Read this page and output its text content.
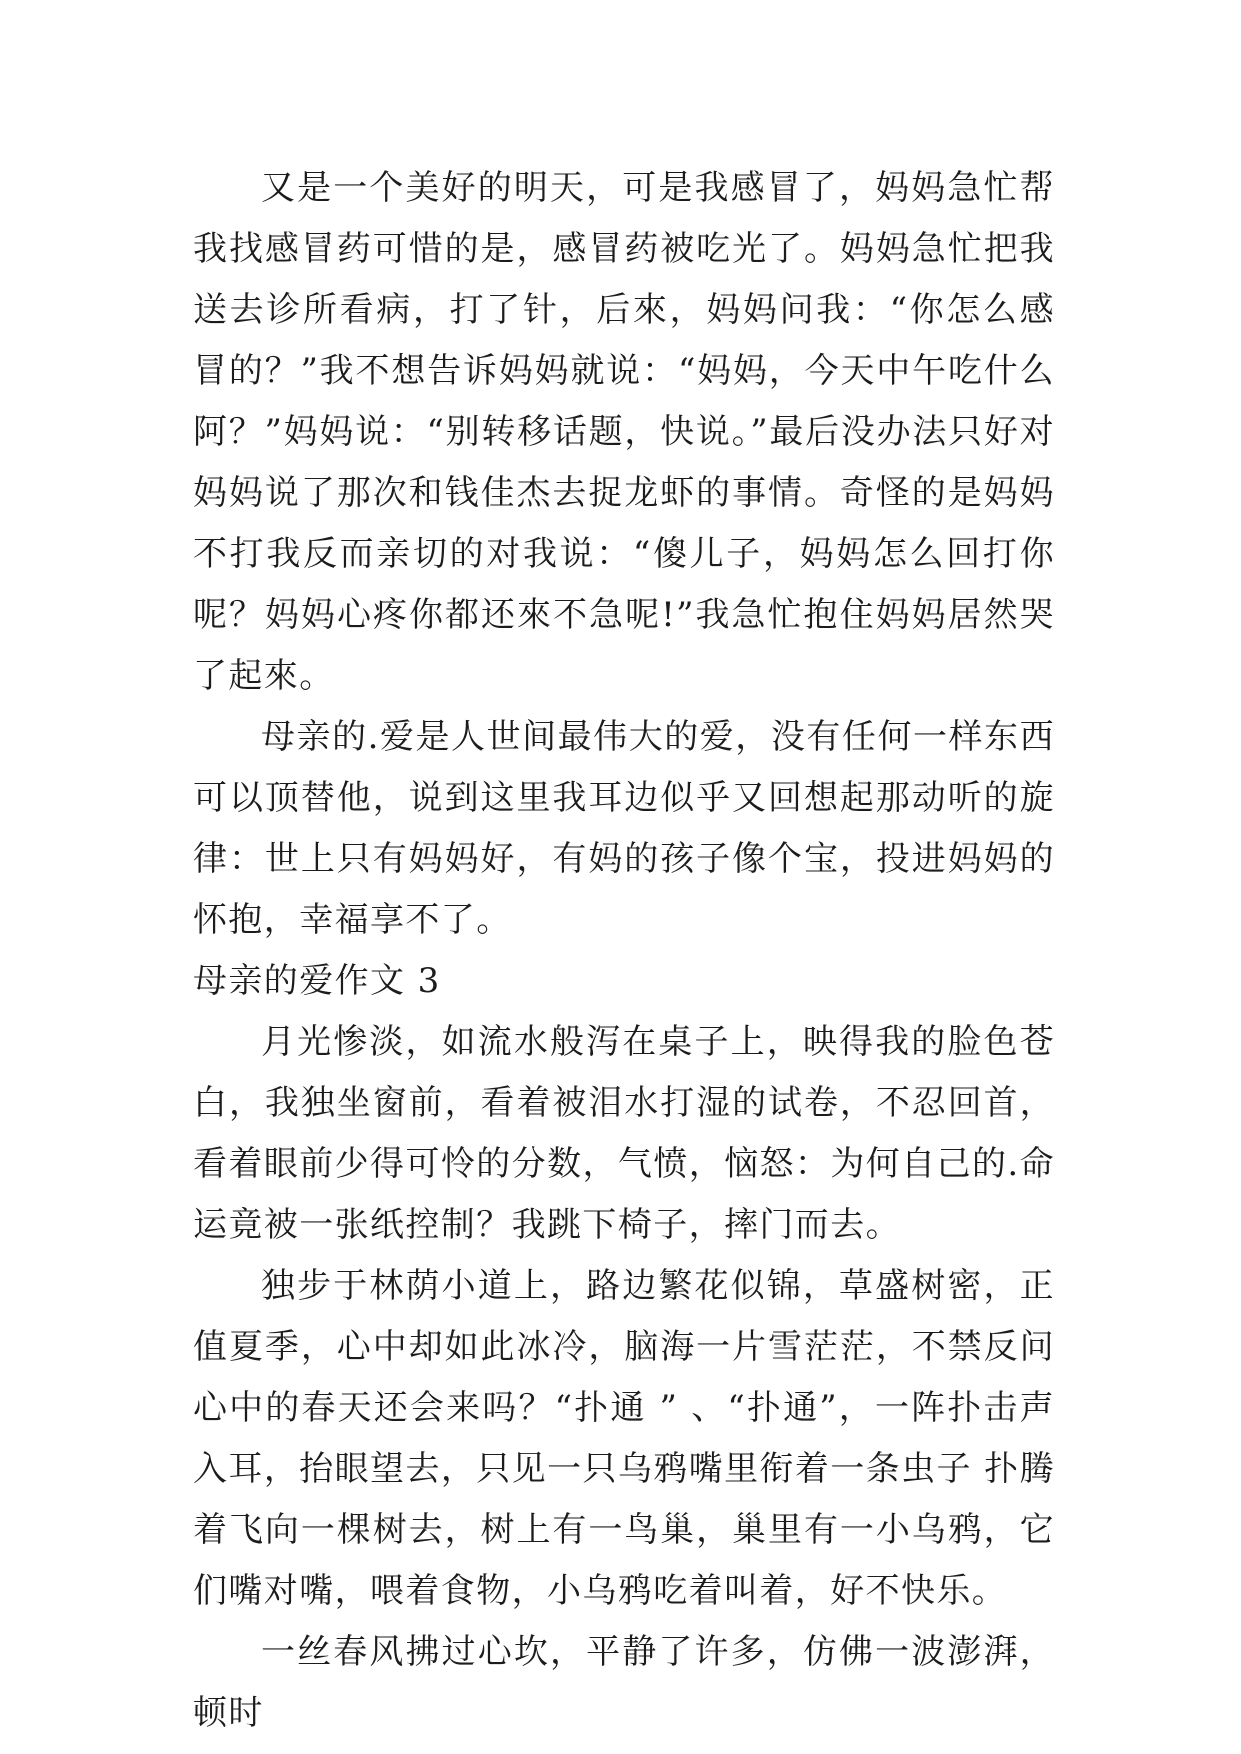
又是一个美好的明天，可是我感冒了，妈妈急忙帮我找感冒药可惜的是，感冒药被吃光了。妈妈急忙把我送去诊所看病，打了针，后來，妈妈问我：“你怎么感冒的？”我不想告诉妈妈就说：“妈妈，今天中午吃什么阿？”妈妈说：“别转移话题，快说。”最后没办法只好对妈妈说了那次和钱佳杰去捉龙虾的事情。奇怪的是妈妈不打我反而亲切的对我说：“傻儿子，妈妈怎么回打你呢？妈妈心疼你都还來不急呢!”我急忙抱住妈妈居然哭了起來。

母亲的.爱是人世间最伟大的爱，没有任何一样东西可以顶替他，说到这里我耳边似乎又回想起那动听的旋律：世上只有妈妈好，有妈的孩子像个宝，投进妈妈的怀抱，幸福享不了。

母亲的爱作文 3

月光惨淡，如流水般泻在桌子上，映得我的脸色苍白，我独坐窗前，看着被泪水打湿的试卷，不忍回首，看着眼前少得可怜的分数，气愤，恼怒：为何自己的.命运竟被一张纸控制？我跳下椅子，摔门而去。

独步于林荫小道上，路边繁花似锦，草盛树密，正值夏季，心中却如此冰冷，脑海一片雪茫茫，不禁反问心中的春天还会来吗？“扑通 ” 、“扑通”，一阵扑击声入耳，抬眼望去，只见一只乌鸦嘴里衔着一条虫子 扑腾着飞向一棵树去，树上有一鸟巢，巢里有一小乌鸦，它们嘴对嘴，喂着食物，小乌鸦吃着叫着，好不快乐。

一丝春风拂过心坎，平静了许多，仿佛一波澎湃，顿时
